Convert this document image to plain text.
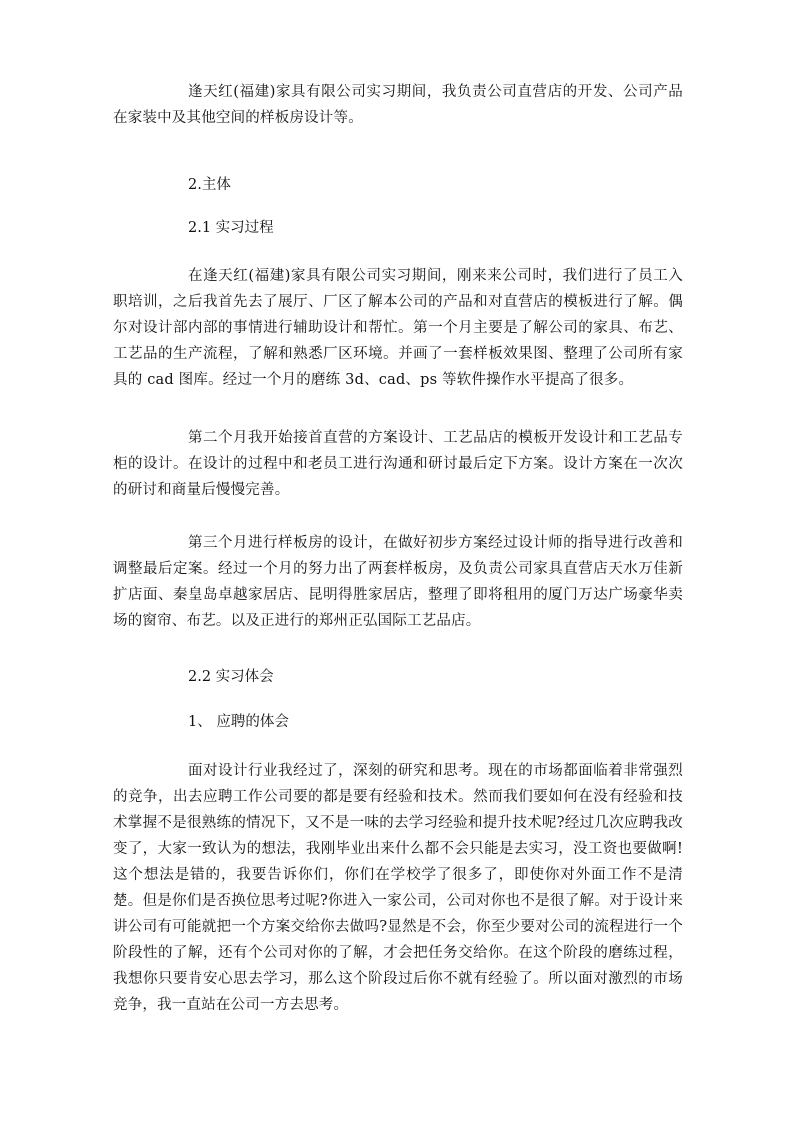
逢天红(福建)家具有限公司实习期间，我负责公司直营店的开发、公司产品在家装中及其他空间的样板房设计等。

2.主体
2.1 实习过程

在逢天红(福建)家具有限公司实习期间，刚来来公司时，我们进行了员工入职培训，之后我首先去了展厅、厂区了解本公司的产品和对直营店的模板进行了解。偶尔对设计部内部的事情进行辅助设计和帮忙。第一个月主要是了解公司的家具、布艺、工艺品的生产流程，了解和熟悉厂区环境。并画了一套样板效果图、整理了公司所有家具的 cad 图库。经过一个月的磨练 3d、cad、ps 等软件操作水平提高了很多。

第二个月我开始接首直营的方案设计、工艺品店的模板开发设计和工艺品专柜的设计。在设计的过程中和老员工进行沟通和研讨最后定下方案。设计方案在一次次的研讨和商量后慢慢完善。

第三个月进行样板房的设计，在做好初步方案经过设计师的指导进行改善和调整最后定案。经过一个月的努力出了两套样板房，及负责公司家具直营店天水万佳新扩店面、秦皇岛卓越家居店、昆明得胜家居店，整理了即将租用的厦门万达广场豪华卖场的窗帘、布艺。以及正进行的郑州正弘国际工艺品店。

2.2 实习体会
1、 应聘的体会

面对设计行业我经过了，深刻的研究和思考。现在的市场都面临着非常强烈的竞争，出去应聘工作公司要的都是要有经验和技术。然而我们要如何在没有经验和技术掌握不是很熟练的情况下，又不是一味的去学习经验和提升技术呢?经过几次应聘我改变了，大家一致认为的想法，我刚毕业出来什么都不会只能是去实习，没工资也要做啊!这个想法是错的，我要告诉你们，你们在学校学了很多了，即使你对外面工作不是清楚。但是你们是否换位思考过呢?你进入一家公司，公司对你也不是很了解。对于设计来讲公司有可能就把一个方案交给你去做吗?显然是不会，你至少要对公司的流程进行一个阶段性的了解，还有个公司对你的了解，才会把任务交给你。在这个阶段的磨练过程，我想你只要肯安心思去学习，那么这个阶段过后你不就有经验了。所以面对激烈的市场竞争，我一直站在公司一方去思考。
